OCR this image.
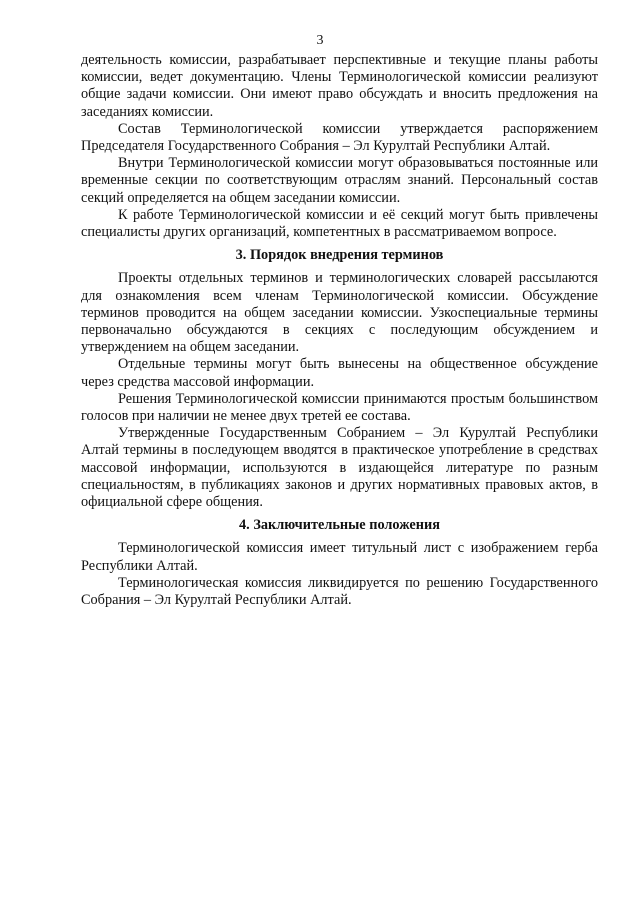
3

деятельность комиссии, разрабатывает перспективные и текущие планы работы комиссии, ведет документацию. Члены Терминологической комиссии реализуют общие задачи комиссии. Они имеют право обсуждать и вносить предложения на заседаниях комиссии.

Состав Терминологической комиссии утверждается распоряжением Председателя Государственного Собрания – Эл Курултай Республики Алтай.

Внутри Терминологической комиссии могут образовываться постоянные или временные секции по соответствующим отраслям знаний. Персональный состав секций определяется на общем заседании комиссии.

К работе Терминологической комиссии и её секций могут быть привлечены специалисты других организаций, компетентных в рассматриваемом вопросе.

3. Порядок внедрения терминов

Проекты отдельных терминов и терминологических словарей рассылаются для ознакомления всем членам Терминологической комиссии. Обсуждение терминов проводится на общем заседании комиссии. Узкоспециальные термины первоначально обсуждаются в секциях с последующим обсуждением и утверждением на общем заседании.

Отдельные термины могут быть вынесены на общественное обсуждение через средства массовой информации.

Решения Терминологической комиссии принимаются простым большинством голосов при наличии не менее двух третей ее состава.

Утвержденные Государственным Собранием – Эл Курултай Республики Алтай термины в последующем вводятся в практическое употребление в средствах массовой информации, используются в издающейся литературе по разным специальностям, в публикациях законов и других нормативных правовых актов, в официальной сфере общения.

4. Заключительные положения

Терминологической комиссия имеет титульный лист с изображением герба Республики Алтай.

Терминологическая комиссия ликвидируется по решению Государственного Собрания – Эл Курултай Республики Алтай.
